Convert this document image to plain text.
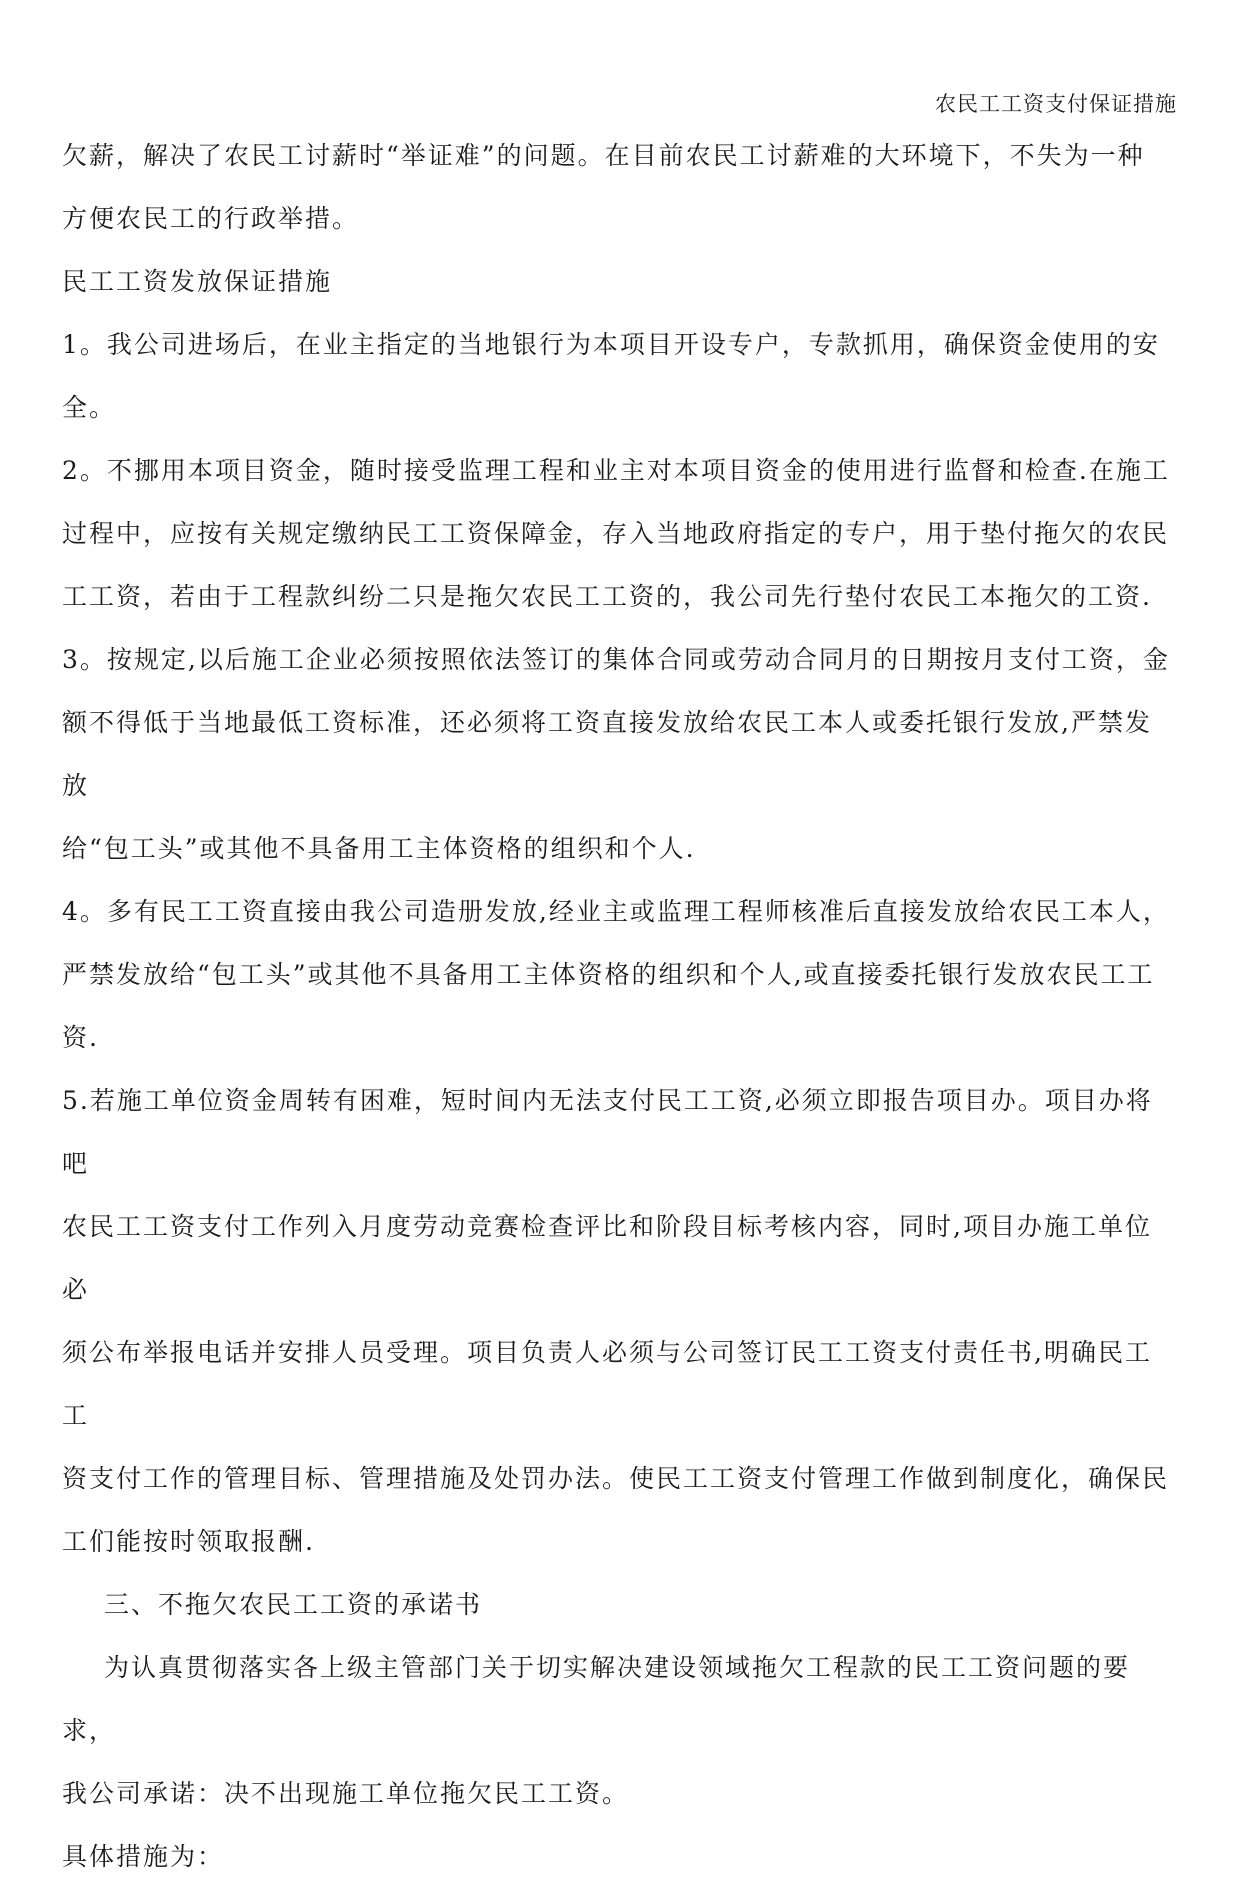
农民工工资支付保证措施

欠薪，解决了农民工讨薪时“举证难”的问题。在目前农民工讨薪难的大环境下，不失为一种

方便农民工的行政举措。

民工工资发放保证措施

1。我公司进场后，在业主指定的当地银行为本项目开设专户，专款抓用，确保资金使用的安全。

2。不挪用本项目资金，随时接受监理工程和业主对本项目资金的使用进行监督和检查.在施工

过程中，应按有关规定缴纳民工工资保障金，存入当地政府指定的专户，用于垫付拖欠的农民

工工资，若由于工程款纠纷二只是拖欠农民工工资的，我公司先行垫付农民工本拖欠的工资.

3。按规定,以后施工企业必须按照依法签订的集体合同或劳动合同月的日期按月支付工资，金

额不得低于当地最低工资标准，还必须将工资直接发放给农民工本人或委托银行发放,严禁发放

给“包工头”或其他不具备用工主体资格的组织和个人.

4。多有民工工资直接由我公司造册发放,经业主或监理工程师核准后直接发放给农民工本人，

严禁发放给“包工头”或其他不具备用工主体资格的组织和个人,或直接委托银行发放农民工工

资.

5.若施工单位资金周转有困难，短时间内无法支付民工工资,必须立即报告项目办。项目办将吧

农民工工资支付工作列入月度劳动竞赛检查评比和阶段目标考核内容，同时,项目办施工单位必

须公布举报电话并安排人员受理。项目负责人必须与公司签订民工工资支付责任书,明确民工工

资支付工作的管理目标、管理措施及处罚办法。使民工工资支付管理工作做到制度化，确保民

工们能按时领取报酬.

三、不拖欠农民工工资的承诺书

为认真贯彻落实各上级主管部门关于切实解决建设领域拖欠工程款的民工工资问题的要求，

我公司承诺：决不出现施工单位拖欠民工工资。

具体措施为：
